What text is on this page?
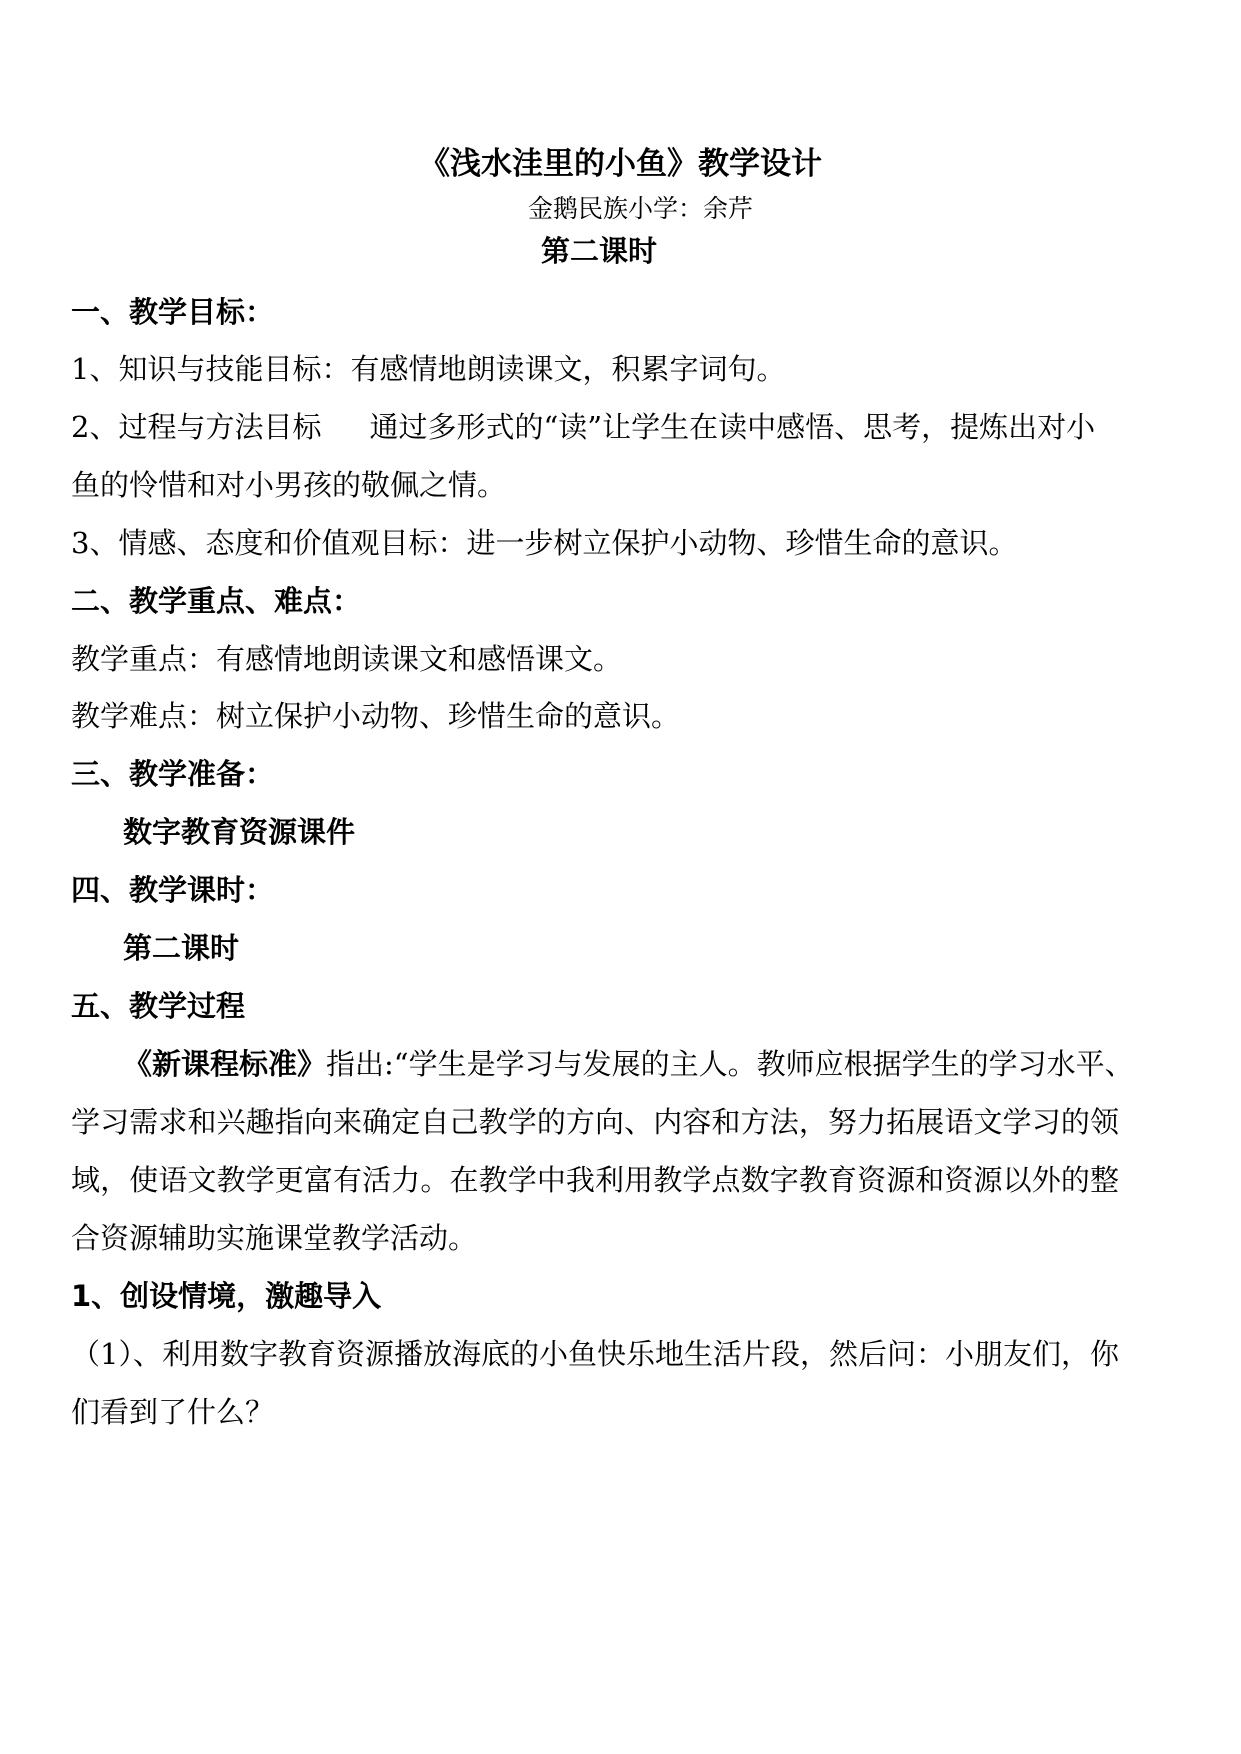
《浅水洼里的小鱼》教学设计
金鹅民族小学：余芹
第二课时
一、教学目标：
1、知识与技能目标：有感情地朗读课文，积累字词句。
2、过程与方法目标 通过多形式的“读”让学生在读中感悟、思考，提炼出对小
鱼的怜惜和对小男孩的敬佩之情。
3、情感、态度和价值观目标：进一步树立保护小动物、珍惜生命的意识。
二、教学重点、难点：
教学重点：有感情地朗读课文和感悟课文。
教学难点：树立保护小动物、珍惜生命的意识。
三、教学准备：
数字教育资源课件
四、教学课时：
第二课时
五、教学过程
《新课程标准》指出:“学生是学习与发展的主人。教师应根据学生的学习水平、
学习需求和兴趣指向来确定自己教学的方向、内容和方法，努力拓展语文学习的领
域，使语文教学更富有活力。在教学中我利用教学点数字教育资源和资源以外的整
合资源辅助实施课堂教学活动。
1、创设情境，激趣导入
（1）、利用数字教育资源播放海底的小鱼快乐地生活片段，然后问：小朋友们，你
们看到了什么？
